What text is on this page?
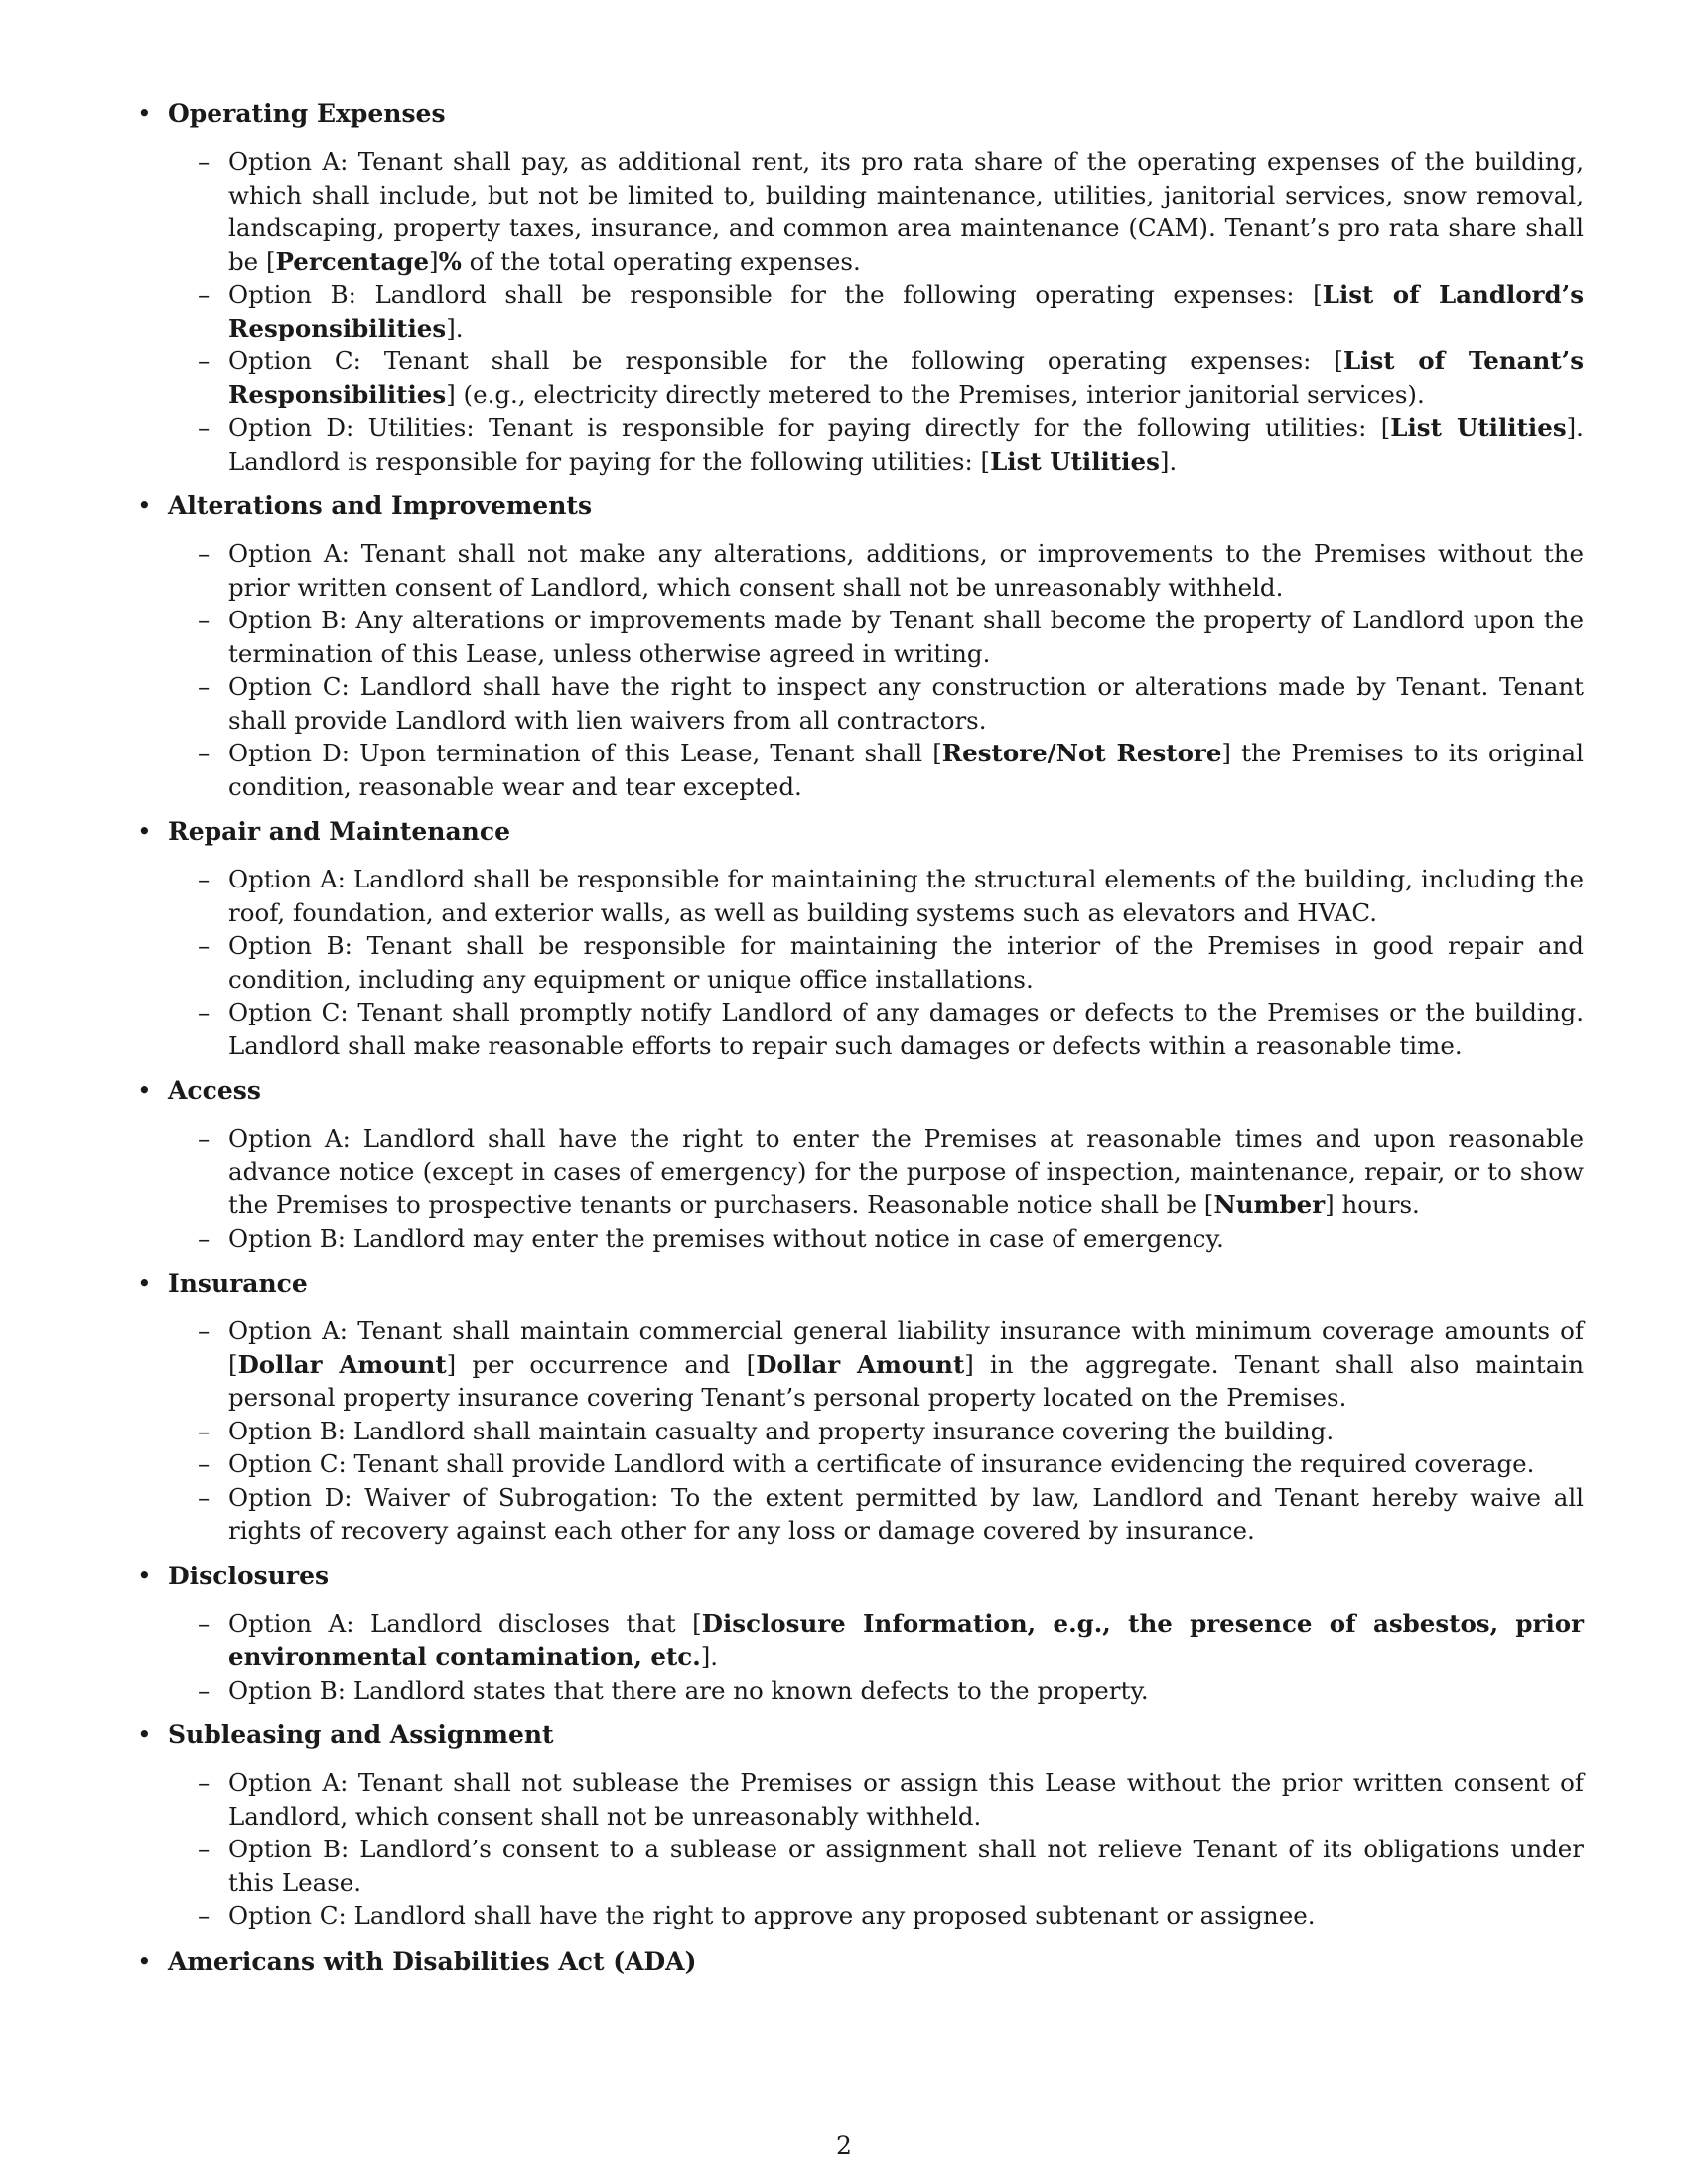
• Operating Expenses
– Option A: Tenant shall pay, as additional rent, its pro rata share of the operating expenses of the building, which shall include, but not be limited to, building maintenance, utilities, janitorial services, snow removal, landscaping, property taxes, insurance, and common area maintenance (CAM). Tenant’s pro rata share shall be [Percentage]% of the total operating expenses.
– Option B: Landlord shall be responsible for the following operating expenses: [List of Landlord’s Responsibilities].
– Option C: Tenant shall be responsible for the following operating expenses: [List of Tenant’s Responsibilities] (e.g., electricity directly metered to the Premises, interior janitorial services).
– Option D: Utilities: Tenant is responsible for paying directly for the following utilities: [List Utilities]. Landlord is responsible for paying for the following utilities: [List Utilities].
• Alterations and Improvements
– Option A: Tenant shall not make any alterations, additions, or improvements to the Premises without the prior written consent of Landlord, which consent shall not be unreasonably withheld.
– Option B: Any alterations or improvements made by Tenant shall become the property of Landlord upon the termination of this Lease, unless otherwise agreed in writing.
– Option C: Landlord shall have the right to inspect any construction or alterations made by Tenant. Tenant shall provide Landlord with lien waivers from all contractors.
– Option D: Upon termination of this Lease, Tenant shall [Restore/Not Restore] the Premises to its original condition, reasonable wear and tear excepted.
• Repair and Maintenance
– Option A: Landlord shall be responsible for maintaining the structural elements of the building, including the roof, foundation, and exterior walls, as well as building systems such as elevators and HVAC.
– Option B: Tenant shall be responsible for maintaining the interior of the Premises in good repair and condition, including any equipment or unique office installations.
– Option C: Tenant shall promptly notify Landlord of any damages or defects to the Premises or the building. Landlord shall make reasonable efforts to repair such damages or defects within a reasonable time.
• Access
– Option A: Landlord shall have the right to enter the Premises at reasonable times and upon reasonable advance notice (except in cases of emergency) for the purpose of inspection, maintenance, repair, or to show the Premises to prospective tenants or purchasers. Reasonable notice shall be [Number] hours.
– Option B: Landlord may enter the premises without notice in case of emergency.
• Insurance
– Option A: Tenant shall maintain commercial general liability insurance with minimum coverage amounts of [Dollar Amount] per occurrence and [Dollar Amount] in the aggregate. Tenant shall also maintain personal property insurance covering Tenant’s personal property located on the Premises.
– Option B: Landlord shall maintain casualty and property insurance covering the building.
– Option C: Tenant shall provide Landlord with a certificate of insurance evidencing the required coverage.
– Option D: Waiver of Subrogation: To the extent permitted by law, Landlord and Tenant hereby waive all rights of recovery against each other for any loss or damage covered by insurance.
• Disclosures
– Option A: Landlord discloses that [Disclosure Information, e.g., the presence of asbestos, prior environmental contamination, etc.].
– Option B: Landlord states that there are no known defects to the property.
• Subleasing and Assignment
– Option A: Tenant shall not sublease the Premises or assign this Lease without the prior written consent of Landlord, which consent shall not be unreasonably withheld.
– Option B: Landlord’s consent to a sublease or assignment shall not relieve Tenant of its obligations under this Lease.
– Option C: Landlord shall have the right to approve any proposed subtenant or assignee.
• Americans with Disabilities Act (ADA)
2
